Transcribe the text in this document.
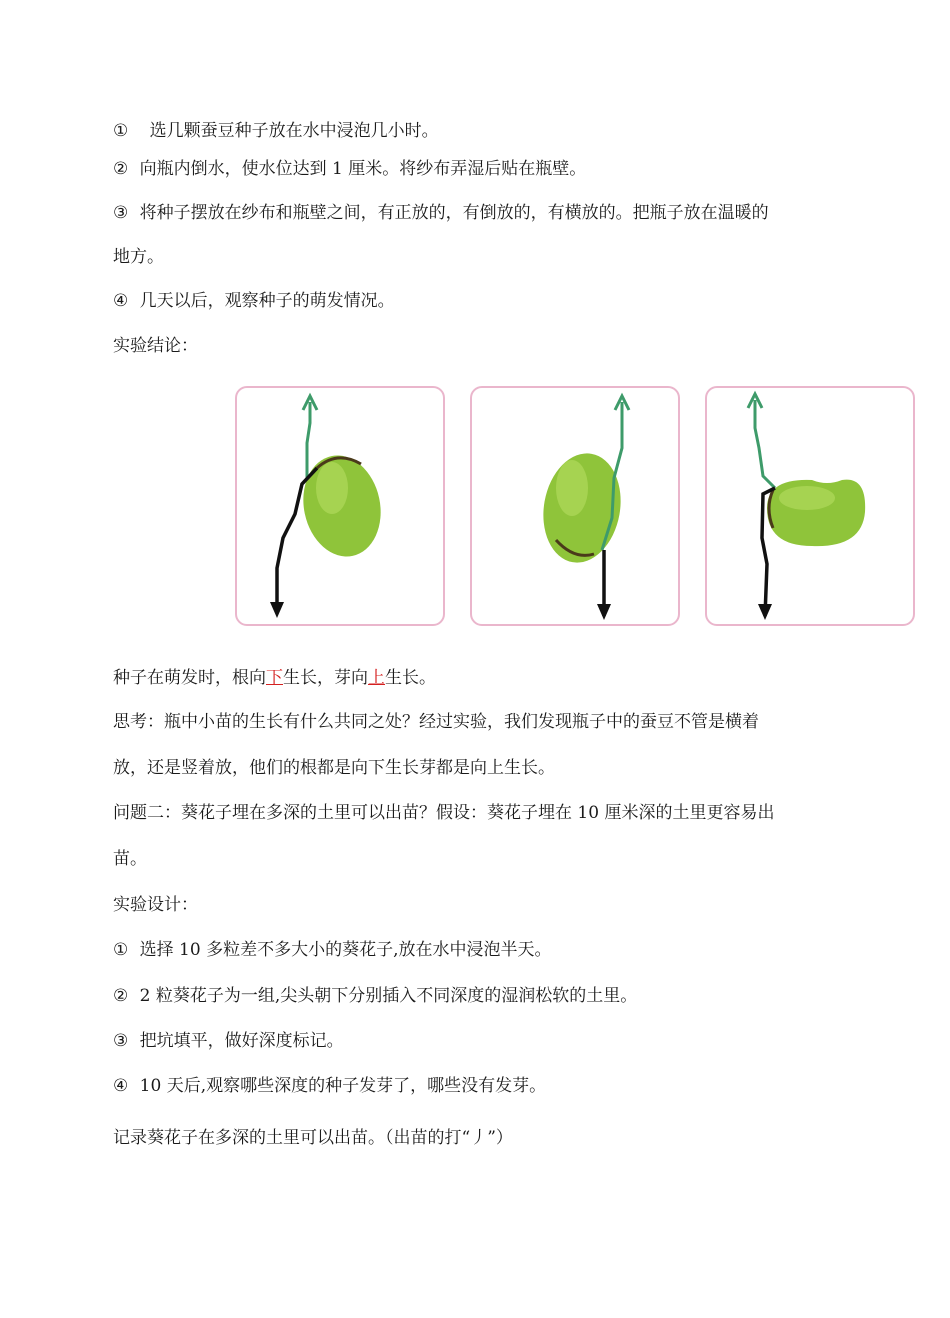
① 选几颗蚕豆种子放在水中浸泡几小时。
② 向瓶内倒水，使水位达到 1 厘米。将纱布弄湿后贴在瓶壁。
③ 将种子摆放在纱布和瓶壁之间，有正放的，有倒放的，有横放的。把瓶子放在温暖的
地方。
④ 几天以后，观察种子的萌发情况。
实验结论：
种子在萌发时，根向下生长，芽向上生长。
思考：瓶中小苗的生长有什么共同之处？经过实验，我们发现瓶子中的蚕豆不管是横着
放，还是竖着放，他们的根都是向下生长芽都是向上生长。
问题二：葵花子埋在多深的土里可以出苗？假设：葵花子埋在 10 厘米深的土里更容易出
苗。
实验设计：
① 选择 10 多粒差不多大小的葵花子,放在水中浸泡半天。
② 2 粒葵花子为一组,尖头朝下分别插入不同深度的湿润松软的土里。
③ 把坑填平，做好深度标记。
④ 10 天后,观察哪些深度的种子发芽了，哪些没有发芽。
记录葵花子在多深的土里可以出苗。（出苗的打“丿”）
